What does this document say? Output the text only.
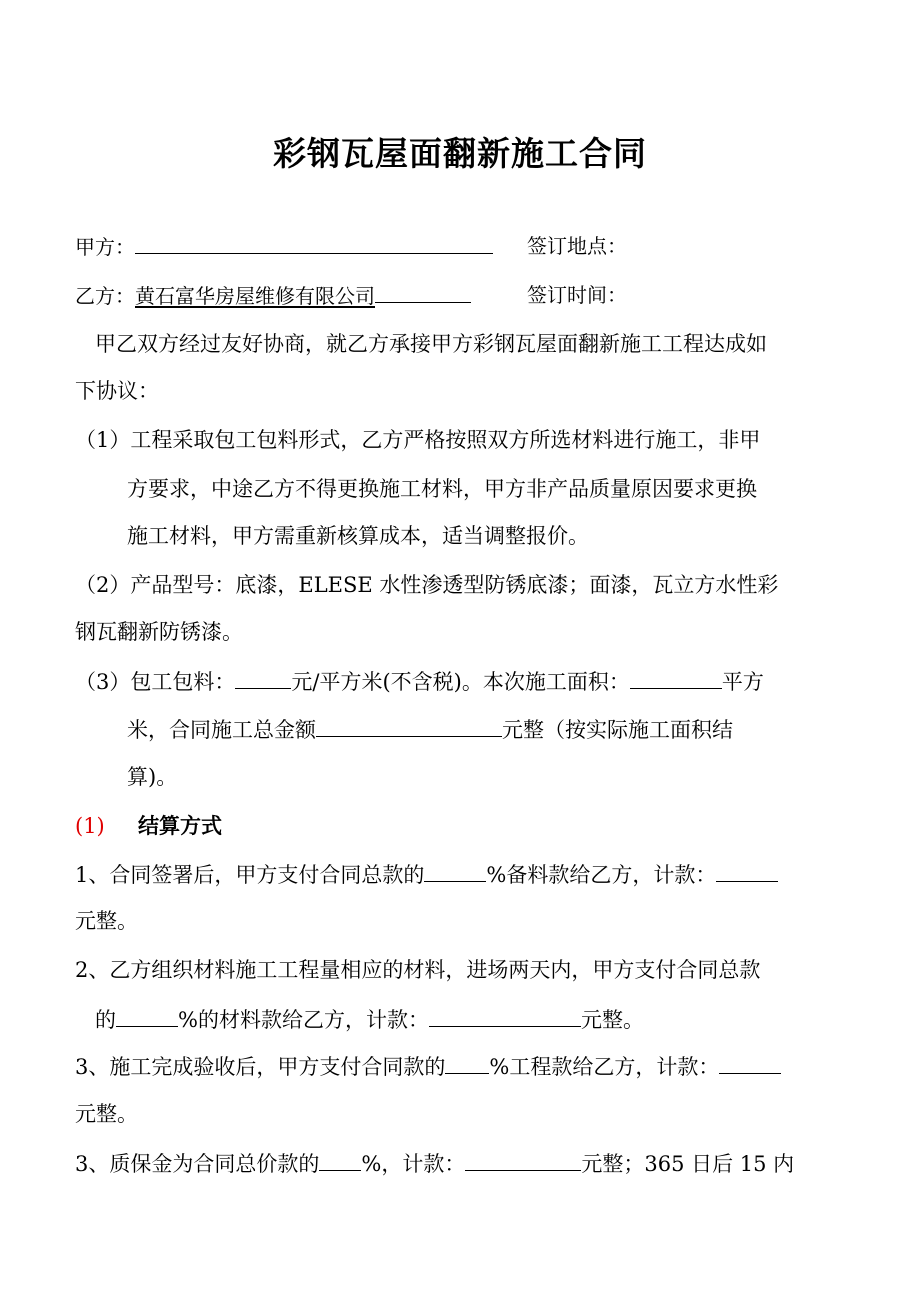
彩钢瓦屋面翻新施工合同
甲方：	签订地点：
乙方：黄石富华房屋维修有限公司	签订时间：
甲乙双方经过友好协商，就乙方承接甲方彩钢瓦屋面翻新施工工程达成如
下协议：
（1）工程采取包工包料形式，乙方严格按照双方所选材料进行施工，非甲
方要求，中途乙方不得更换施工材料，甲方非产品质量原因要求更换
施工材料，甲方需重新核算成本，适当调整报价。
（2）产品型号：底漆，ELESE 水性渗透型防锈底漆；面漆，瓦立方水性彩
钢瓦翻新防锈漆。
（3）包工包料：	元/平方米(不含税)。本次施工面积：	平方
米，合同施工总金额	元整（按实际施工面积结
算)。
(1) 结算方式
1、合同签署后，甲方支付合同总款的	%备料款给乙方，计款：
元整。
2、乙方组织材料施工工程量相应的材料，进场两天内，甲方支付合同总款
的	%的材料款给乙方，计款：	元整。
3、施工完成验收后，甲方支付合同款的 %工程款给乙方，计款：
元整。
3、质保金为合同总价款的 %，计款：	元整；365 日后 15 内
